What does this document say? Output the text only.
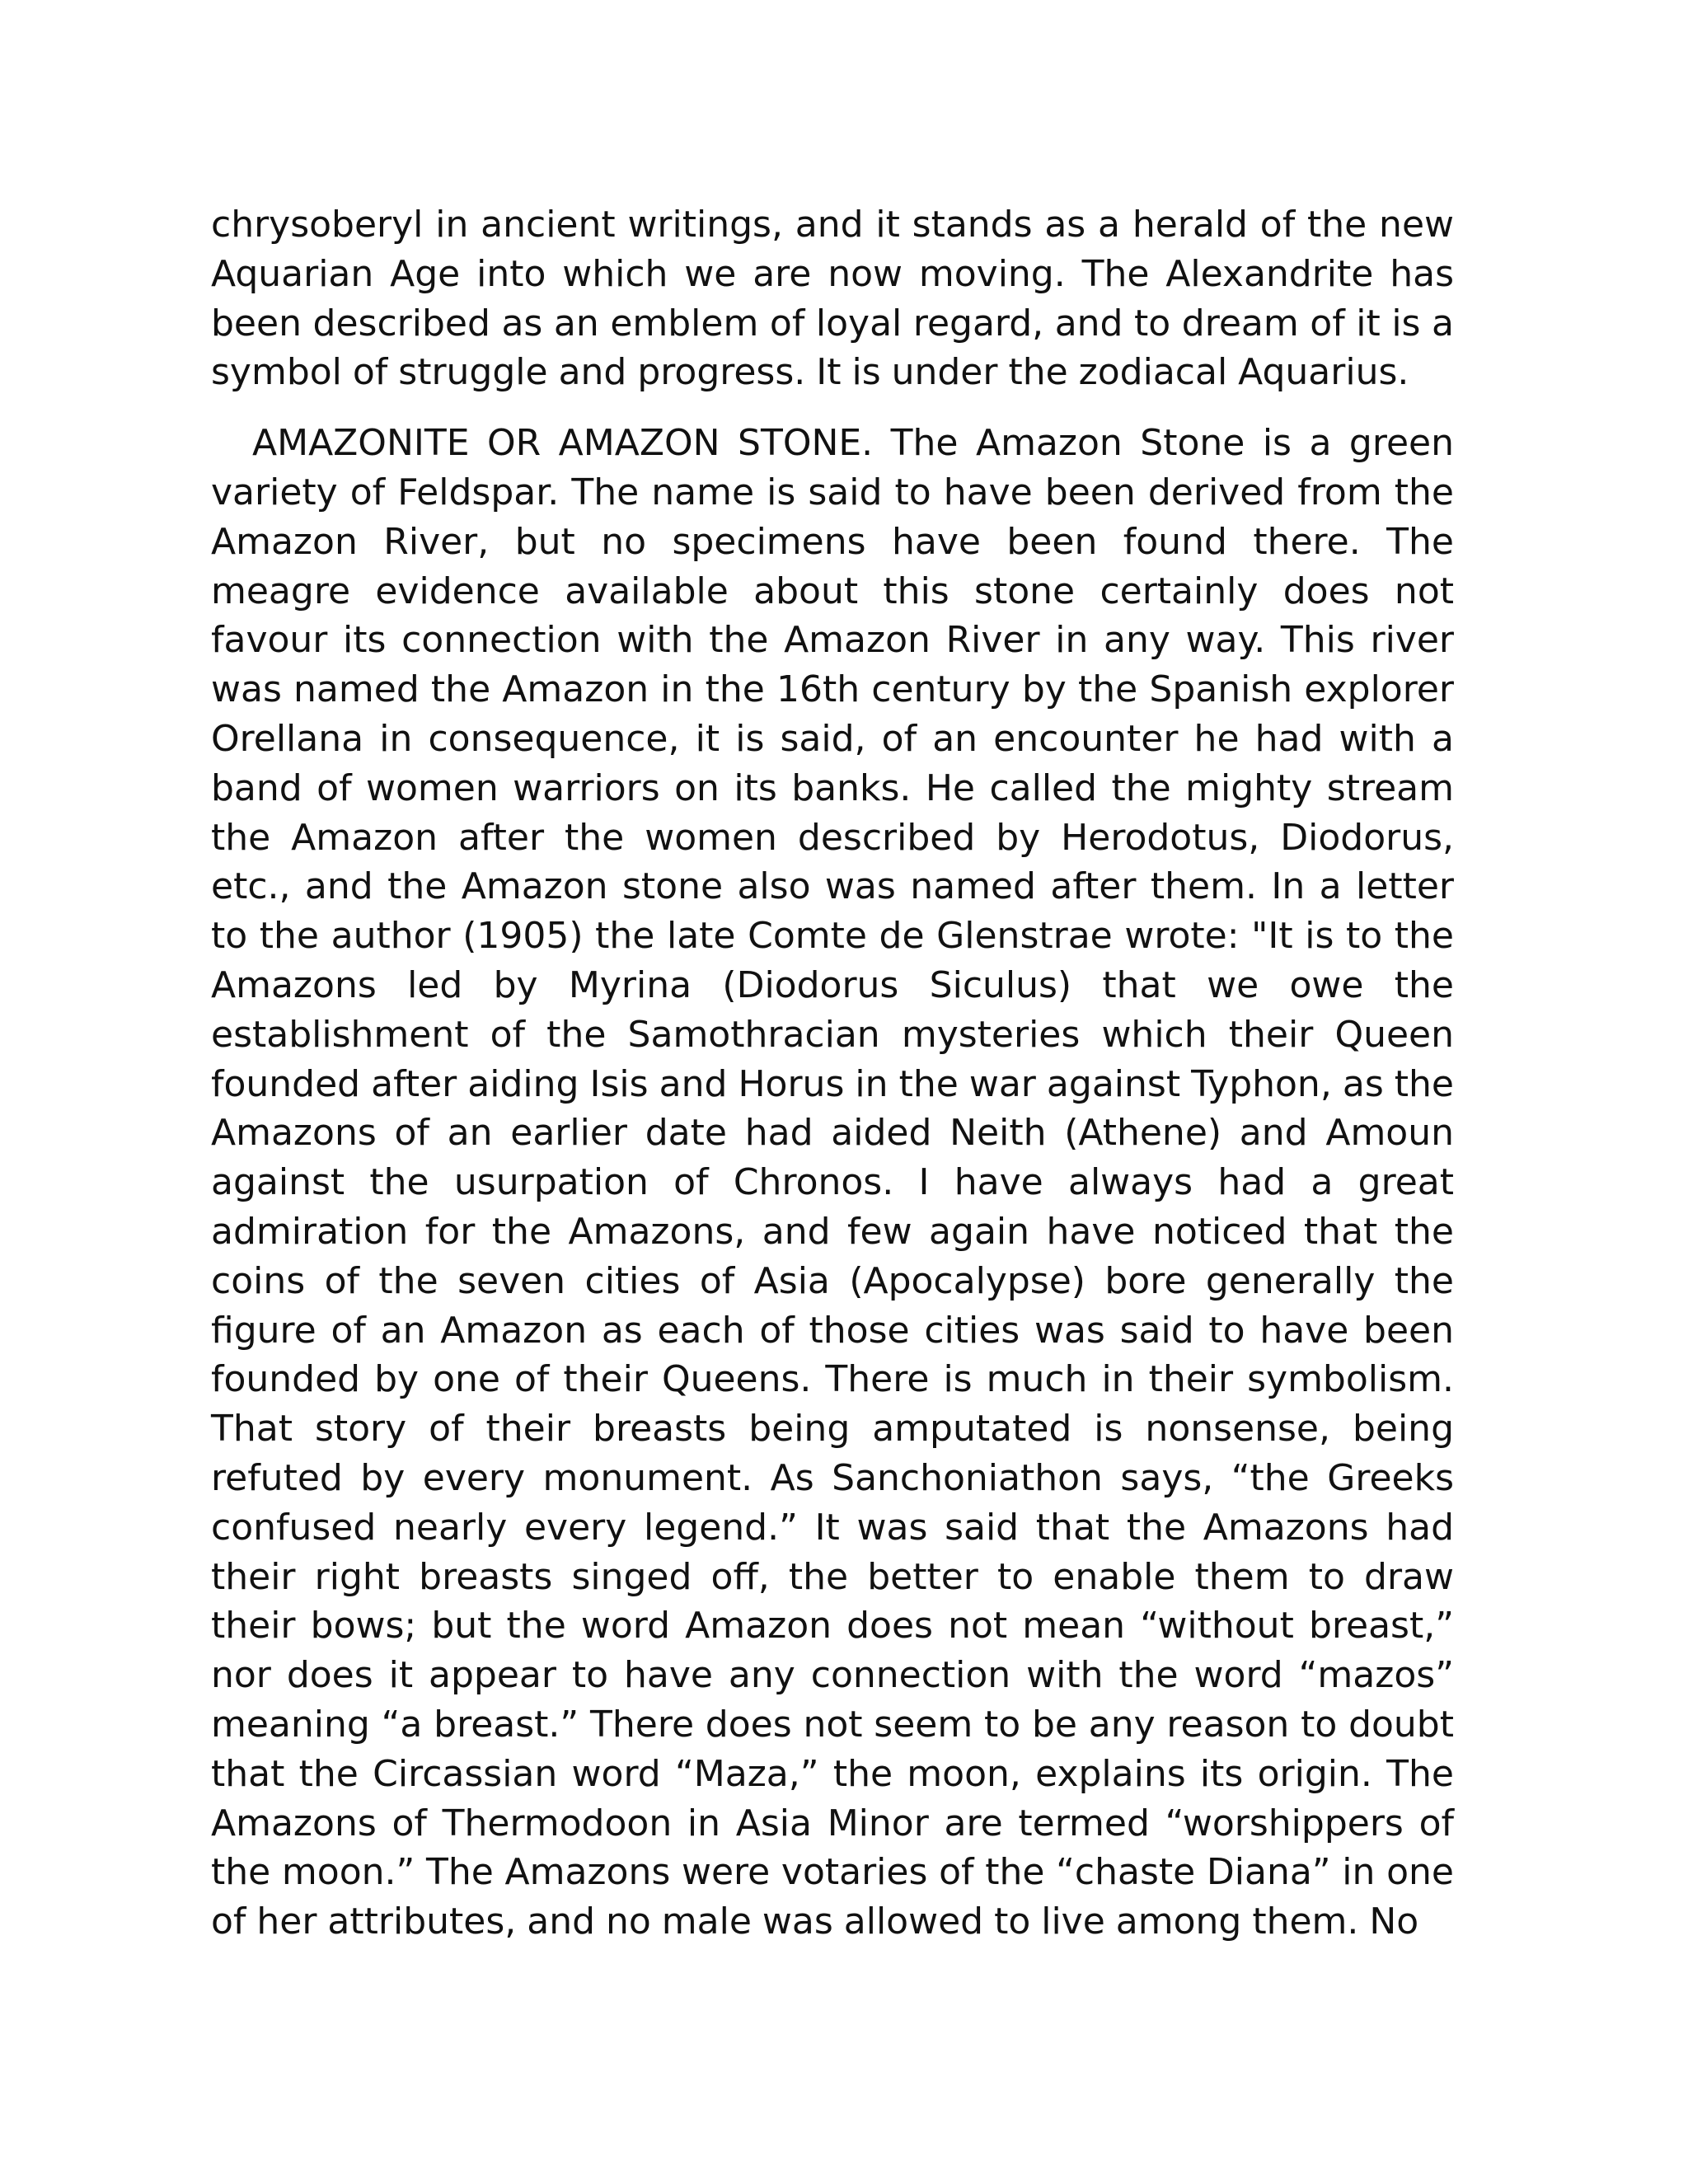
chrysoberyl in ancient writings, and it stands as a herald of the new Aquarian Age into which we are now moving. The Alexandrite has been described as an emblem of loyal regard, and to dream of it is a symbol of struggle and progress. It is under the zodiacal Aquarius.

AMAZONITE OR AMAZON STONE. The Amazon Stone is a green variety of Feldspar. The name is said to have been derived from the Amazon River, but no specimens have been found there. The meagre evidence available about this stone certainly does not favour its connection with the Amazon River in any way. This river was named the Amazon in the 16th century by the Spanish explorer Orellana in consequence, it is said, of an encounter he had with a band of women warriors on its banks. He called the mighty stream the Amazon after the women described by Herodotus, Diodorus, etc., and the Amazon stone also was named after them. In a letter to the author (1905) the late Comte de Glenstrae wrote: "It is to the Amazons led by Myrina (Diodorus Siculus) that we owe the establishment of the Samothracian mysteries which their Queen founded after aiding Isis and Horus in the war against Typhon, as the Amazons of an earlier date had aided Neith (Athene) and Amoun against the usurpation of Chronos. I have always had a great admiration for the Amazons, and few again have noticed that the coins of the seven cities of Asia (Apocalypse) bore generally the figure of an Amazon as each of those cities was said to have been founded by one of their Queens. There is much in their symbolism. That story of their breasts being amputated is nonsense, being refuted by every monument. As Sanchoniathon says, “the Greeks confused nearly every legend.” It was said that the Amazons had their right breasts singed off, the better to enable them to draw their bows; but the word Amazon does not mean “without breast,” nor does it appear to have any connection with the word “mazos” meaning “a breast.” There does not seem to be any reason to doubt that the Circassian word “Maza,” the moon, explains its origin. The Amazons of Thermodoon in Asia Minor are termed “worshippers of the moon.” The Amazons were votaries of the “chaste Diana” in one of her attributes, and no male was allowed to live among them. No
